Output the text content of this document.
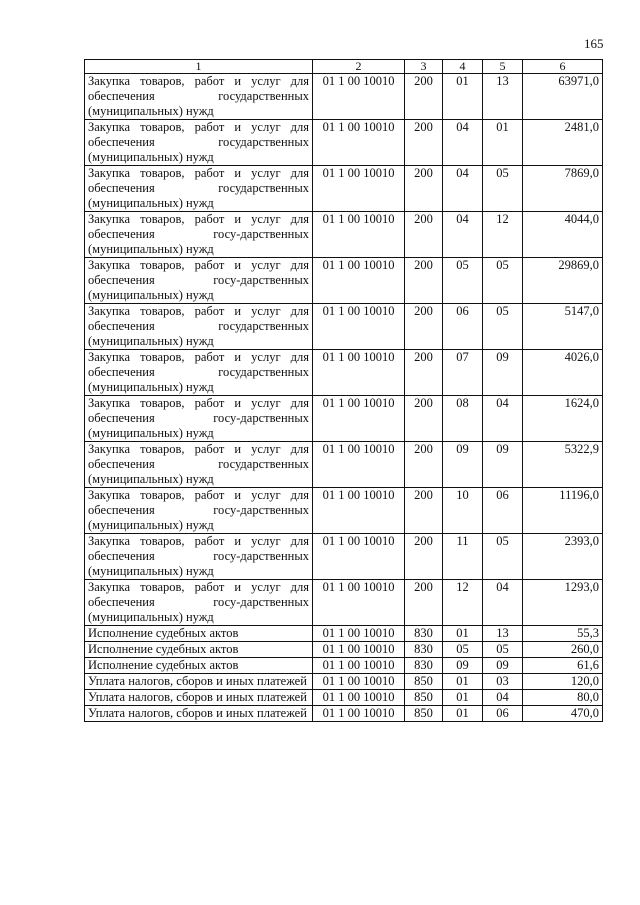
165
1	2	3	4	5	6
Закупка товаров, работ и услуг для обеспечения государственных (муниципальных) нужд	01 1 00 10010	200	01	13	63971,0
Закупка товаров, работ и услуг для обеспечения государственных (муниципальных) нужд	01 1 00 10010	200	04	01	2481,0
Закупка товаров, работ и услуг для обеспечения государственных (муниципальных) нужд	01 1 00 10010	200	04	05	7869,0
Закупка товаров, работ и услуг для обеспечения госу-дарственных (муниципальных) нужд	01 1 00 10010	200	04	12	4044,0
Закупка товаров, работ и услуг для обеспечения госу-дарственных (муниципальных) нужд	01 1 00 10010	200	05	05	29869,0
Закупка товаров, работ и услуг для обеспечения государственных (муниципальных) нужд	01 1 00 10010	200	06	05	5147,0
Закупка товаров, работ и услуг для обеспечения государственных (муниципальных) нужд	01 1 00 10010	200	07	09	4026,0
Закупка товаров, работ и услуг для обеспечения госу-дарственных (муниципальных) нужд	01 1 00 10010	200	08	04	1624,0
Закупка товаров, работ и услуг для обеспечения государственных (муниципальных) нужд	01 1 00 10010	200	09	09	5322,9
Закупка товаров, работ и услуг для обеспечения госу-дарственных (муниципальных) нужд	01 1 00 10010	200	10	06	11196,0
Закупка товаров, работ и услуг для обеспечения госу-дарственных (муниципальных) нужд	01 1 00 10010	200	11	05	2393,0
Закупка товаров, работ и услуг для обеспечения госу-дарственных (муниципальных) нужд	01 1 00 10010	200	12	04	1293,0
Исполнение судебных актов	01 1 00 10010	830	01	13	55,3
Исполнение судебных актов	01 1 00 10010	830	05	05	260,0
Исполнение судебных актов	01 1 00 10010	830	09	09	61,6
Уплата налогов, сборов и иных платежей	01 1 00 10010	850	01	03	120,0
Уплата налогов, сборов и иных платежей	01 1 00 10010	850	01	04	80,0
Уплата налогов, сборов и иных платежей	01 1 00 10010	850	01	06	470,0
